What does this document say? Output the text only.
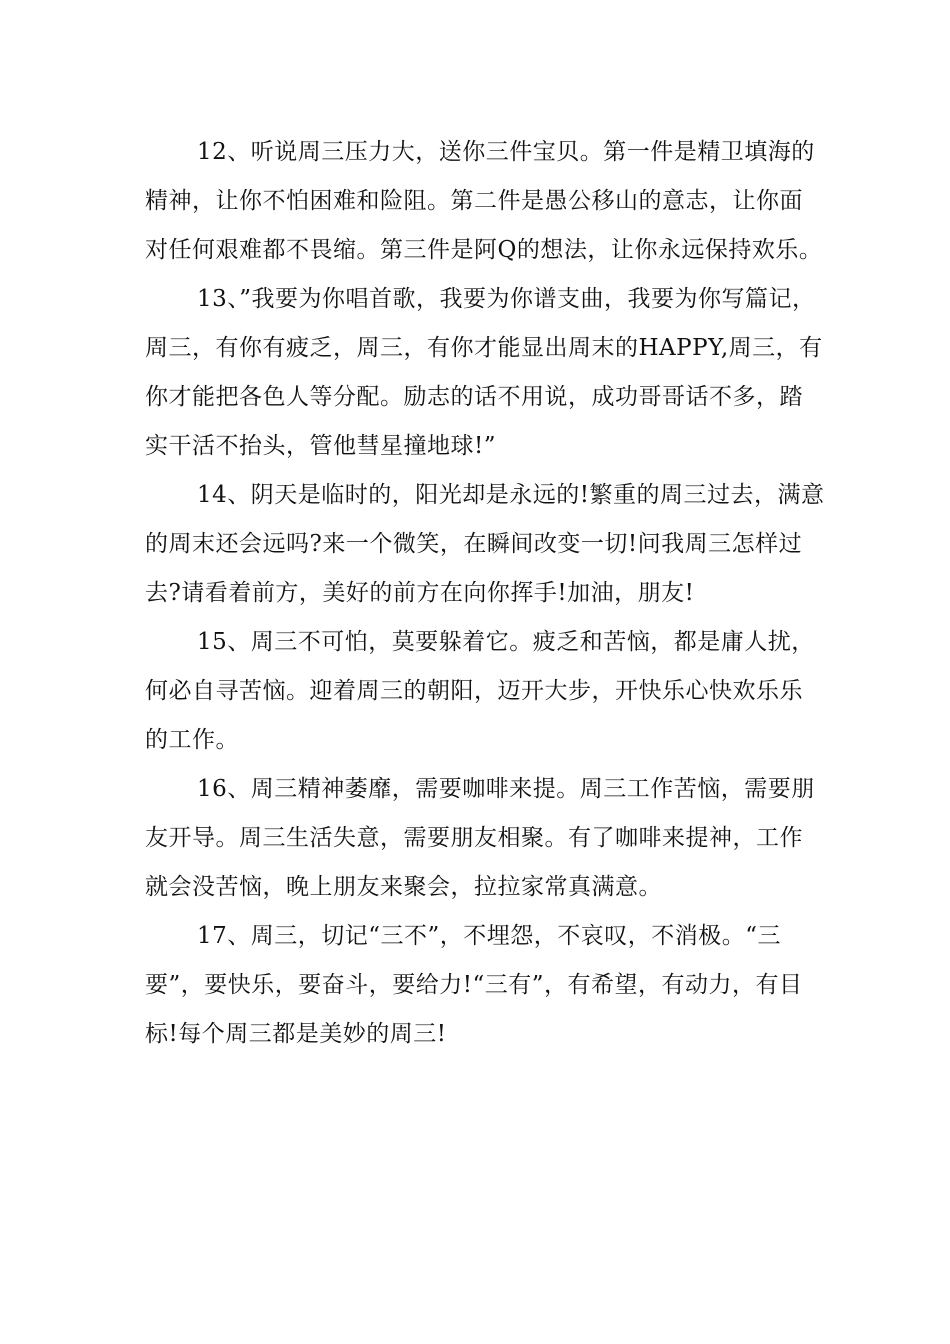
12、听说周三压力大，送你三件宝贝。第一件是精卫填海的精神，让你不怕困难和险阻。第二件是愚公移山的意志，让你面对任何艰难都不畏缩。第三件是阿Q的想法，让你永远保持欢乐。

13、”我要为你唱首歌，我要为你谱支曲，我要为你写篇记，周三，有你有疲乏，周三，有你才能显出周末的HAPPY,周三，有你才能把各色人等分配。励志的话不用说，成功哥哥话不多，踏实干活不抬头，管他彗星撞地球!”

14、阴天是临时的，阳光却是永远的!繁重的周三过去，满意的周末还会远吗?来一个微笑，在瞬间改变一切!问我周三怎样过去?请看着前方，美好的前方在向你挥手!加油，朋友!

15、周三不可怕，莫要躲着它。疲乏和苦恼，都是庸人扰，何必自寻苦恼。迎着周三的朝阳，迈开大步，开快乐心快欢乐乐的工作。

16、周三精神萎靡，需要咖啡来提。周三工作苦恼，需要朋友开导。周三生活失意，需要朋友相聚。有了咖啡来提神，工作就会没苦恼，晚上朋友来聚会，拉拉家常真满意。

17、周三，切记“三不”，不埋怨，不哀叹，不消极。“三要”，要快乐，要奋斗，要给力!“三有”，有希望，有动力，有目标!每个周三都是美妙的周三!
